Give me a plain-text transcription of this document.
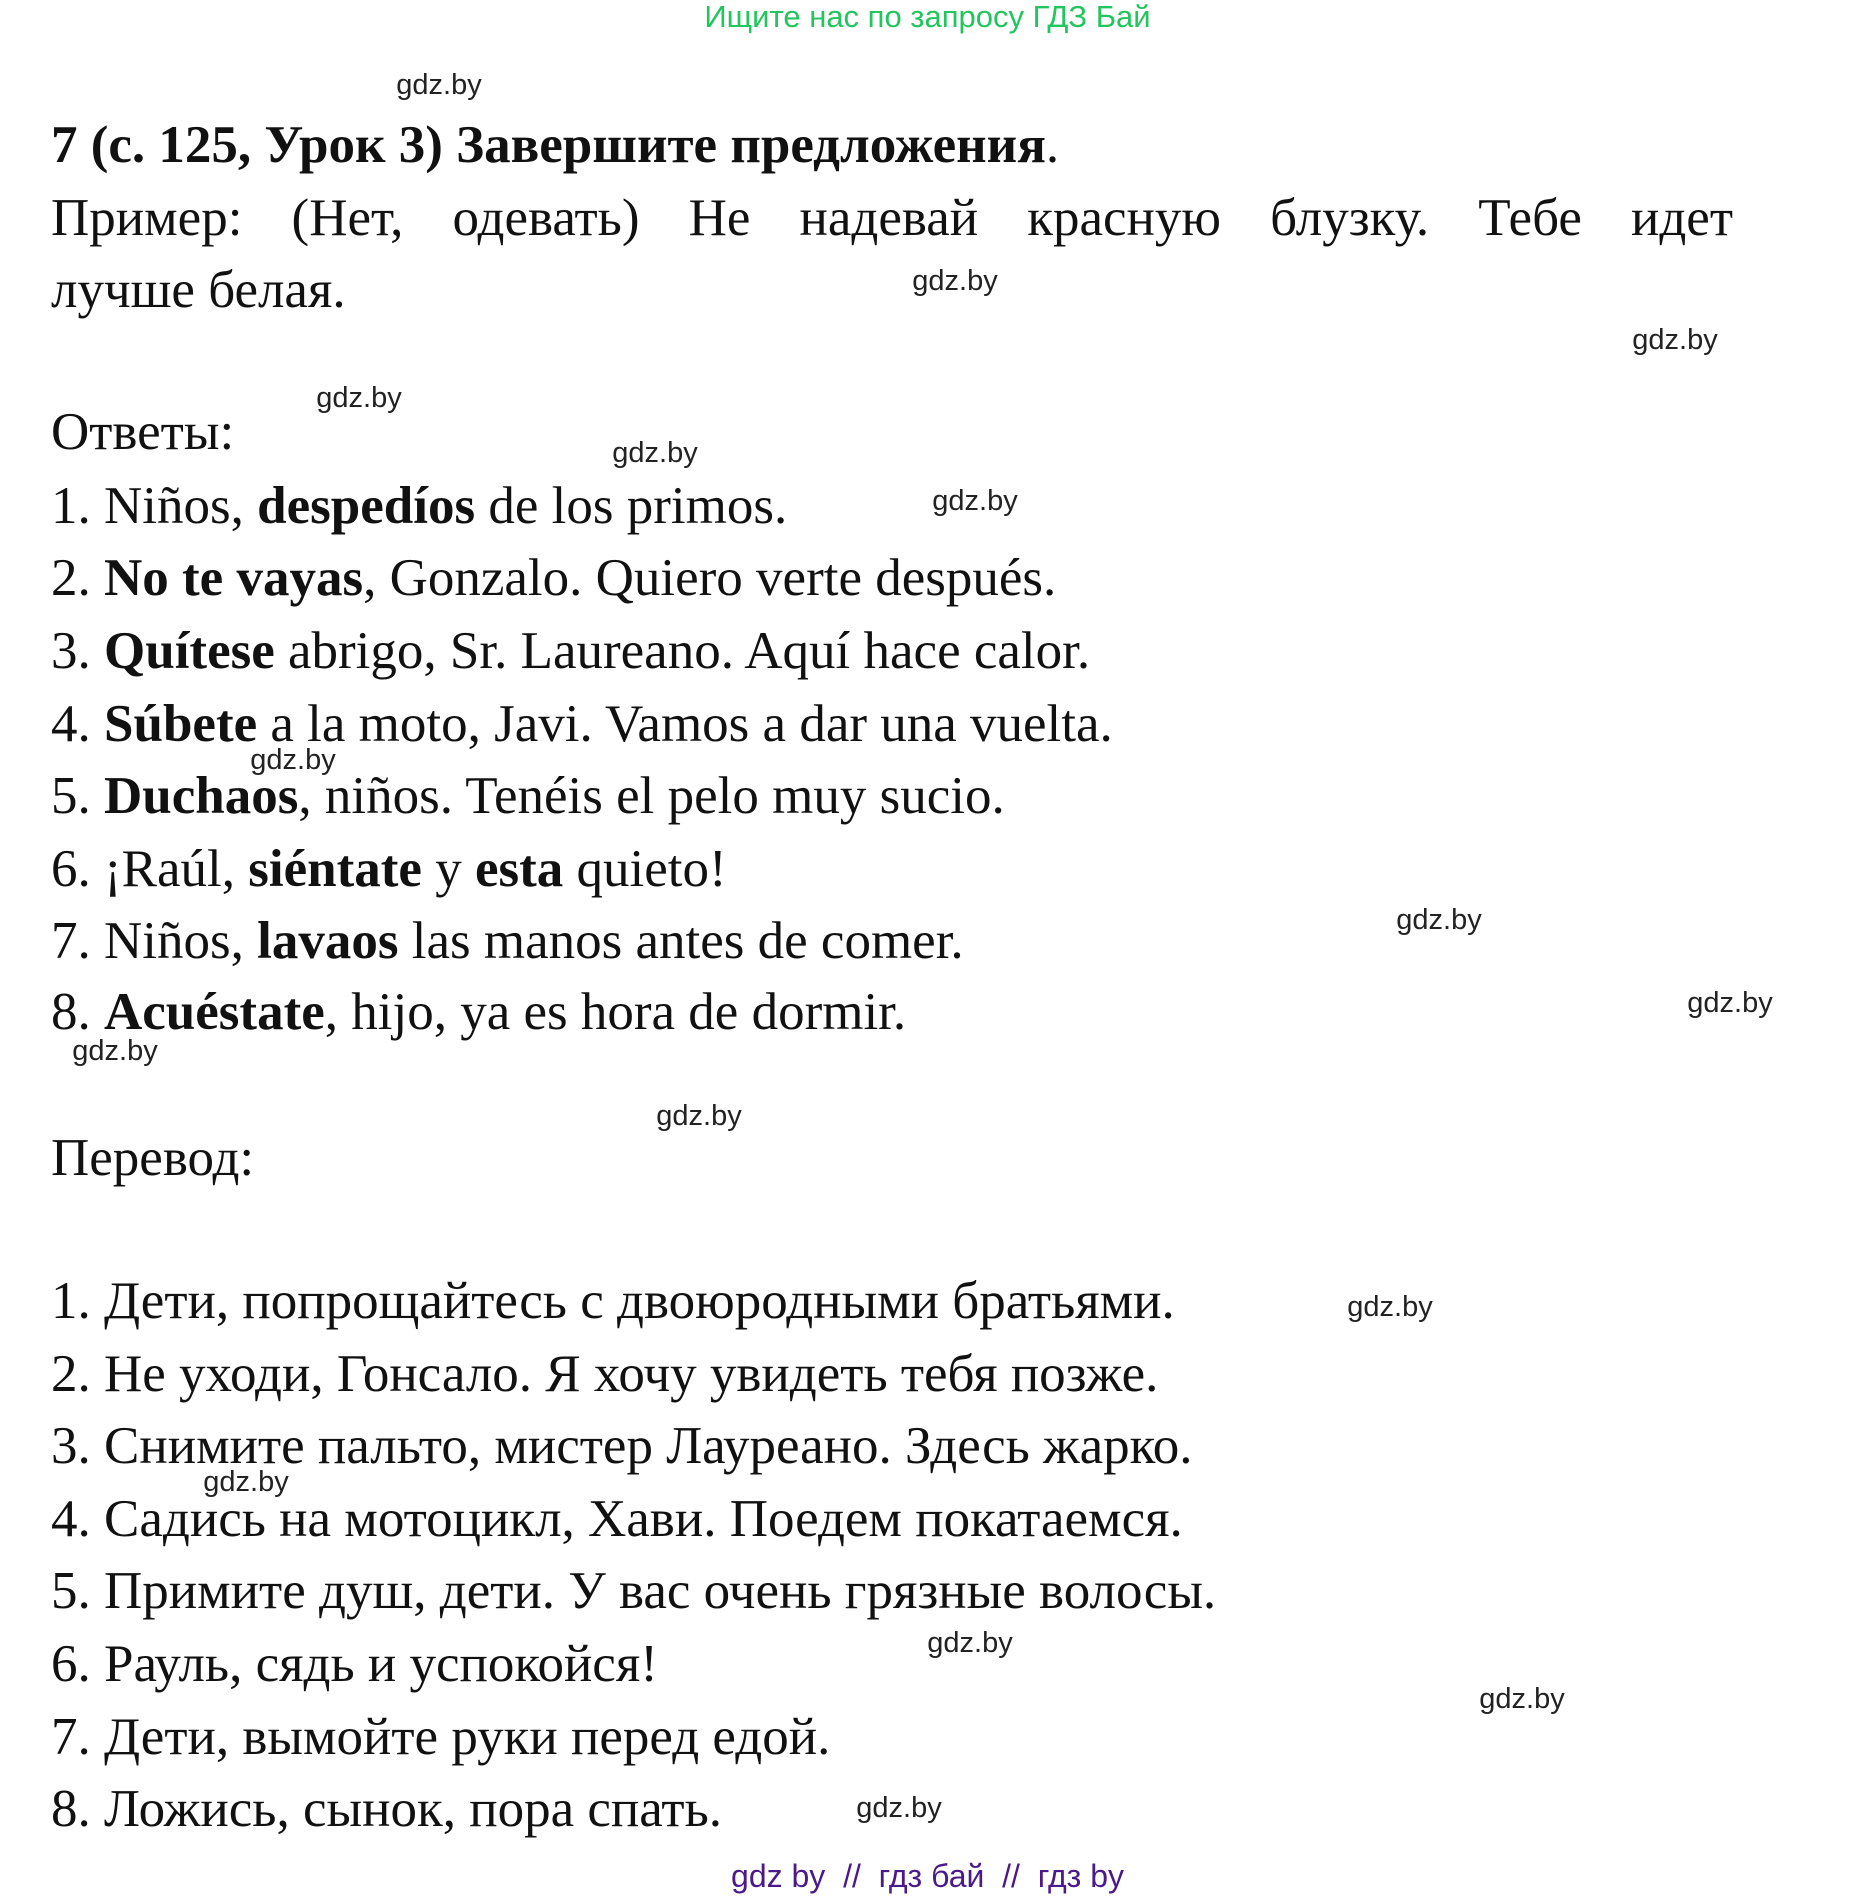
Ищите нас по запросу ГДЗ Бай
7 (с. 125, Урок 3) Завершите предложения.
Пример: (Нет, одевать) Не надевай красную блузку. Тебе идет
лучше белая.
Ответы:
1. Niños, despedíos de los primos.
2. No te vayas, Gonzalo. Quiero verte después.
3. Quítese abrigo, Sr. Laureano. Aquí hace calor.
4. Súbete a la moto, Javi. Vamos a dar una vuelta.
5. Duchaos, niños. Tenéis el pelo muy sucio.
6. ¡Raúl, siéntate y esta quieto!
7. Niños, lavaos las manos antes de comer.
8. Acuéstate, hijo, ya es hora de dormir.
Перевод:
1. Дети, попрощайтесь с двоюродными братьями.
2. Не уходи, Гонсало. Я хочу увидеть тебя позже.
3. Снимите пальто, мистер Лауреано. Здесь жарко.
4. Садись на мотоцикл, Хави. Поедем покатаемся.
5. Примите душ, дети. У вас очень грязные волосы.
6. Рауль, сядь и успокойся!
7. Дети, вымойте руки перед едой.
8. Ложись, сынок, пора спать.
gdz.by
gdz.by
gdz.by
gdz.by
gdz.by
gdz.by
gdz.by
gdz.by
gdz.by
gdz.by
gdz.by
gdz.by
gdz.by
gdz.by
gdz.by
gdz.by
gdz by  //  гдз бай  //  гдз by
